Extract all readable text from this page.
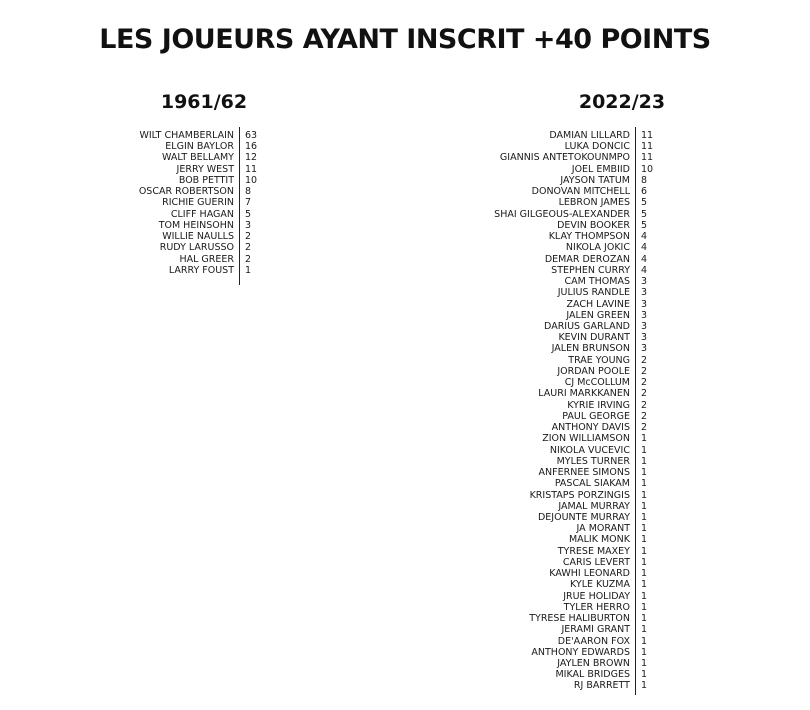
LES JOUEURS AYANT INSCRIT +40 POINTS
1961/62	2022/23
WILT CHAMBERLAIN	63
ELGIN BAYLOR	16
WALT BELLAMY	12
JERRY WEST	11
BOB PETTIT	10
OSCAR ROBERTSON	8
RICHIE GUERIN	7
CLIFF HAGAN	5
TOM HEINSOHN	3
WILLIE NAULLS	2
RUDY LARUSSO	2
HAL GREER	2
LARRY FOUST	1
DAMIAN LILLARD	11
LUKA DONCIC	11
GIANNIS ANTETOKOUNMPO	11
JOEL EMBIID	10
JAYSON TATUM	8
DONOVAN MITCHELL	6
LEBRON JAMES	5
SHAI GILGEOUS-ALEXANDER	5
DEVIN BOOKER	5
KLAY THOMPSON	4
NIKOLA JOKIC	4
DEMAR DEROZAN	4
STEPHEN CURRY	4
CAM THOMAS	3
JULIUS RANDLE	3
ZACH LAVINE	3
JALEN GREEN	3
DARIUS GARLAND	3
KEVIN DURANT	3
JALEN BRUNSON	3
TRAE YOUNG	2
JORDAN POOLE	2
CJ McCOLLUM	2
LAURI MARKKANEN	2
KYRIE IRVING	2
PAUL GEORGE	2
ANTHONY DAVIS	2
ZION WILLIAMSON	1
NIKOLA VUCEVIC	1
MYLES TURNER	1
ANFERNEE SIMONS	1
PASCAL SIAKAM	1
KRISTAPS PORZINGIS	1
JAMAL MURRAY	1
DEJOUNTE MURRAY	1
JA MORANT	1
MALIK MONK	1
TYRESE MAXEY	1
CARIS LEVERT	1
KAWHI LEONARD	1
KYLE KUZMA	1
JRUE HOLIDAY	1
TYLER HERRO	1
TYRESE HALIBURTON	1
JERAMI GRANT	1
DE'AARON FOX	1
ANTHONY EDWARDS	1
JAYLEN BROWN	1
MIKAL BRIDGES	1
RJ BARRETT	1
